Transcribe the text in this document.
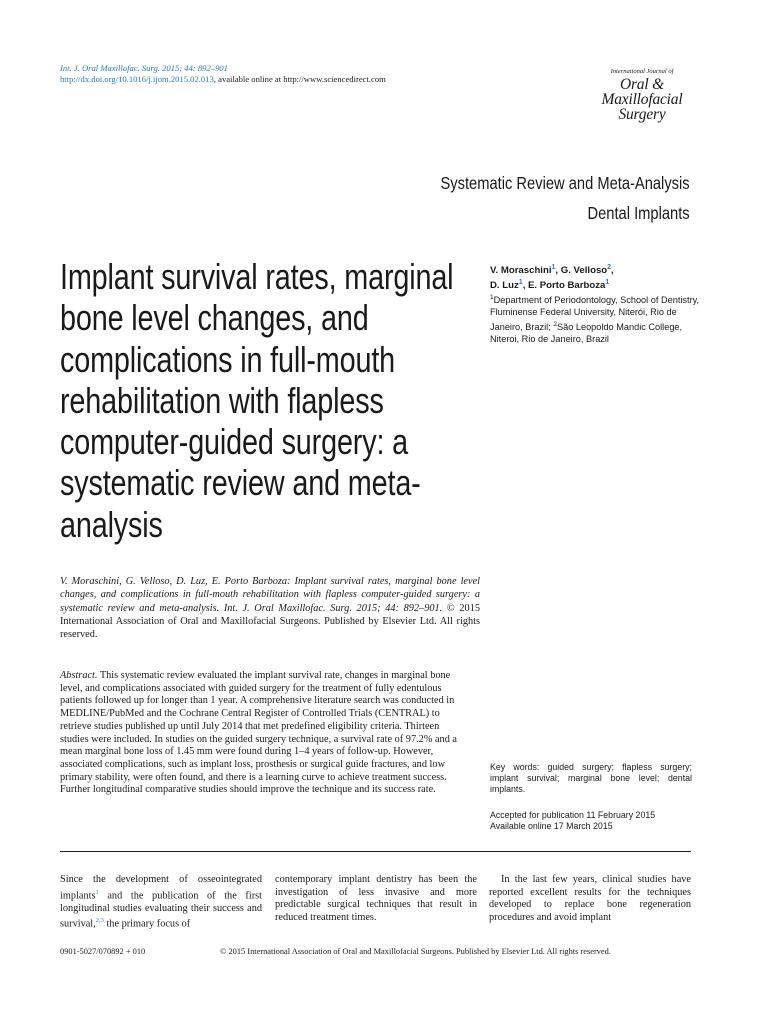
Int. J. Oral Maxillofac. Surg. 2015; 44: 892–901
http://dx.doi.org/10.1016/j.ijom.2015.02.013, available online at http://www.sciencedirect.com
International Journal of
Oral &
Maxillofacial
Surgery
Systematic Review and Meta-Analysis
Dental Implants
Implant survival rates, marginal bone level changes, and complications in full-mouth rehabilitation with flapless computer-guided surgery: a systematic review and meta-analysis
V. Moraschini$^1$, G. Velloso$^2$,
D. Luz$^1$, E. Porto Barboza$^1$
$^1$Department of Periodontology, School of Dentistry, Fluminense Federal University, Niterói, Rio de Janeiro, Brazil; $^2$São Leopoldo Mandic College, Niteroi, Rio de Janeiro, Brazil
V. Moraschini, G. Velloso, D. Luz, E. Porto Barboza: Implant survival rates, marginal bone level changes, and complications in full-mouth rehabilitation with flapless computer-guided surgery: a systematic review and meta-analysis. Int. J. Oral Maxillofac. Surg. 2015; 44: 892–901. © 2015 International Association of Oral and Maxillofacial Surgeons. Published by Elsevier Ltd. All rights reserved.
Abstract. This systematic review evaluated the implant survival rate, changes in marginal bone level, and complications associated with guided surgery for the treatment of fully edentulous patients followed up for longer than 1 year. A comprehensive literature search was conducted in MEDLINE/PubMed and the Cochrane Central Register of Controlled Trials (CENTRAL) to retrieve studies published up until July 2014 that met predefined eligibility criteria. Thirteen studies were included. In studies on the guided surgery technique, a survival rate of 97.2% and a mean marginal bone loss of 1.45 mm were found during 1–4 years of follow-up. However, associated complications, such as implant loss, prosthesis or surgical guide fractures, and low primary stability, were often found, and there is a learning curve to achieve treatment success. Further longitudinal comparative studies should improve the technique and its success rate.
Key words: guided surgery; flapless surgery; implant survival; marginal bone level; dental implants.
Accepted for publication 11 February 2015
Available online 17 March 2015
Since the development of osseointegrated implants$^1$ and the publication of the first longitudinal studies evaluating their success and survival,$^{2,3}$ the primary focus of
contemporary implant dentistry has been the investigation of less invasive and more predictable surgical techniques that result in reduced treatment times.
In the last few years, clinical studies have reported excellent results for the techniques developed to replace bone regeneration procedures and avoid implant
0901-5027/070892 + 010	© 2015 International Association of Oral and Maxillofacial Surgeons. Published by Elsevier Ltd. All rights reserved.
